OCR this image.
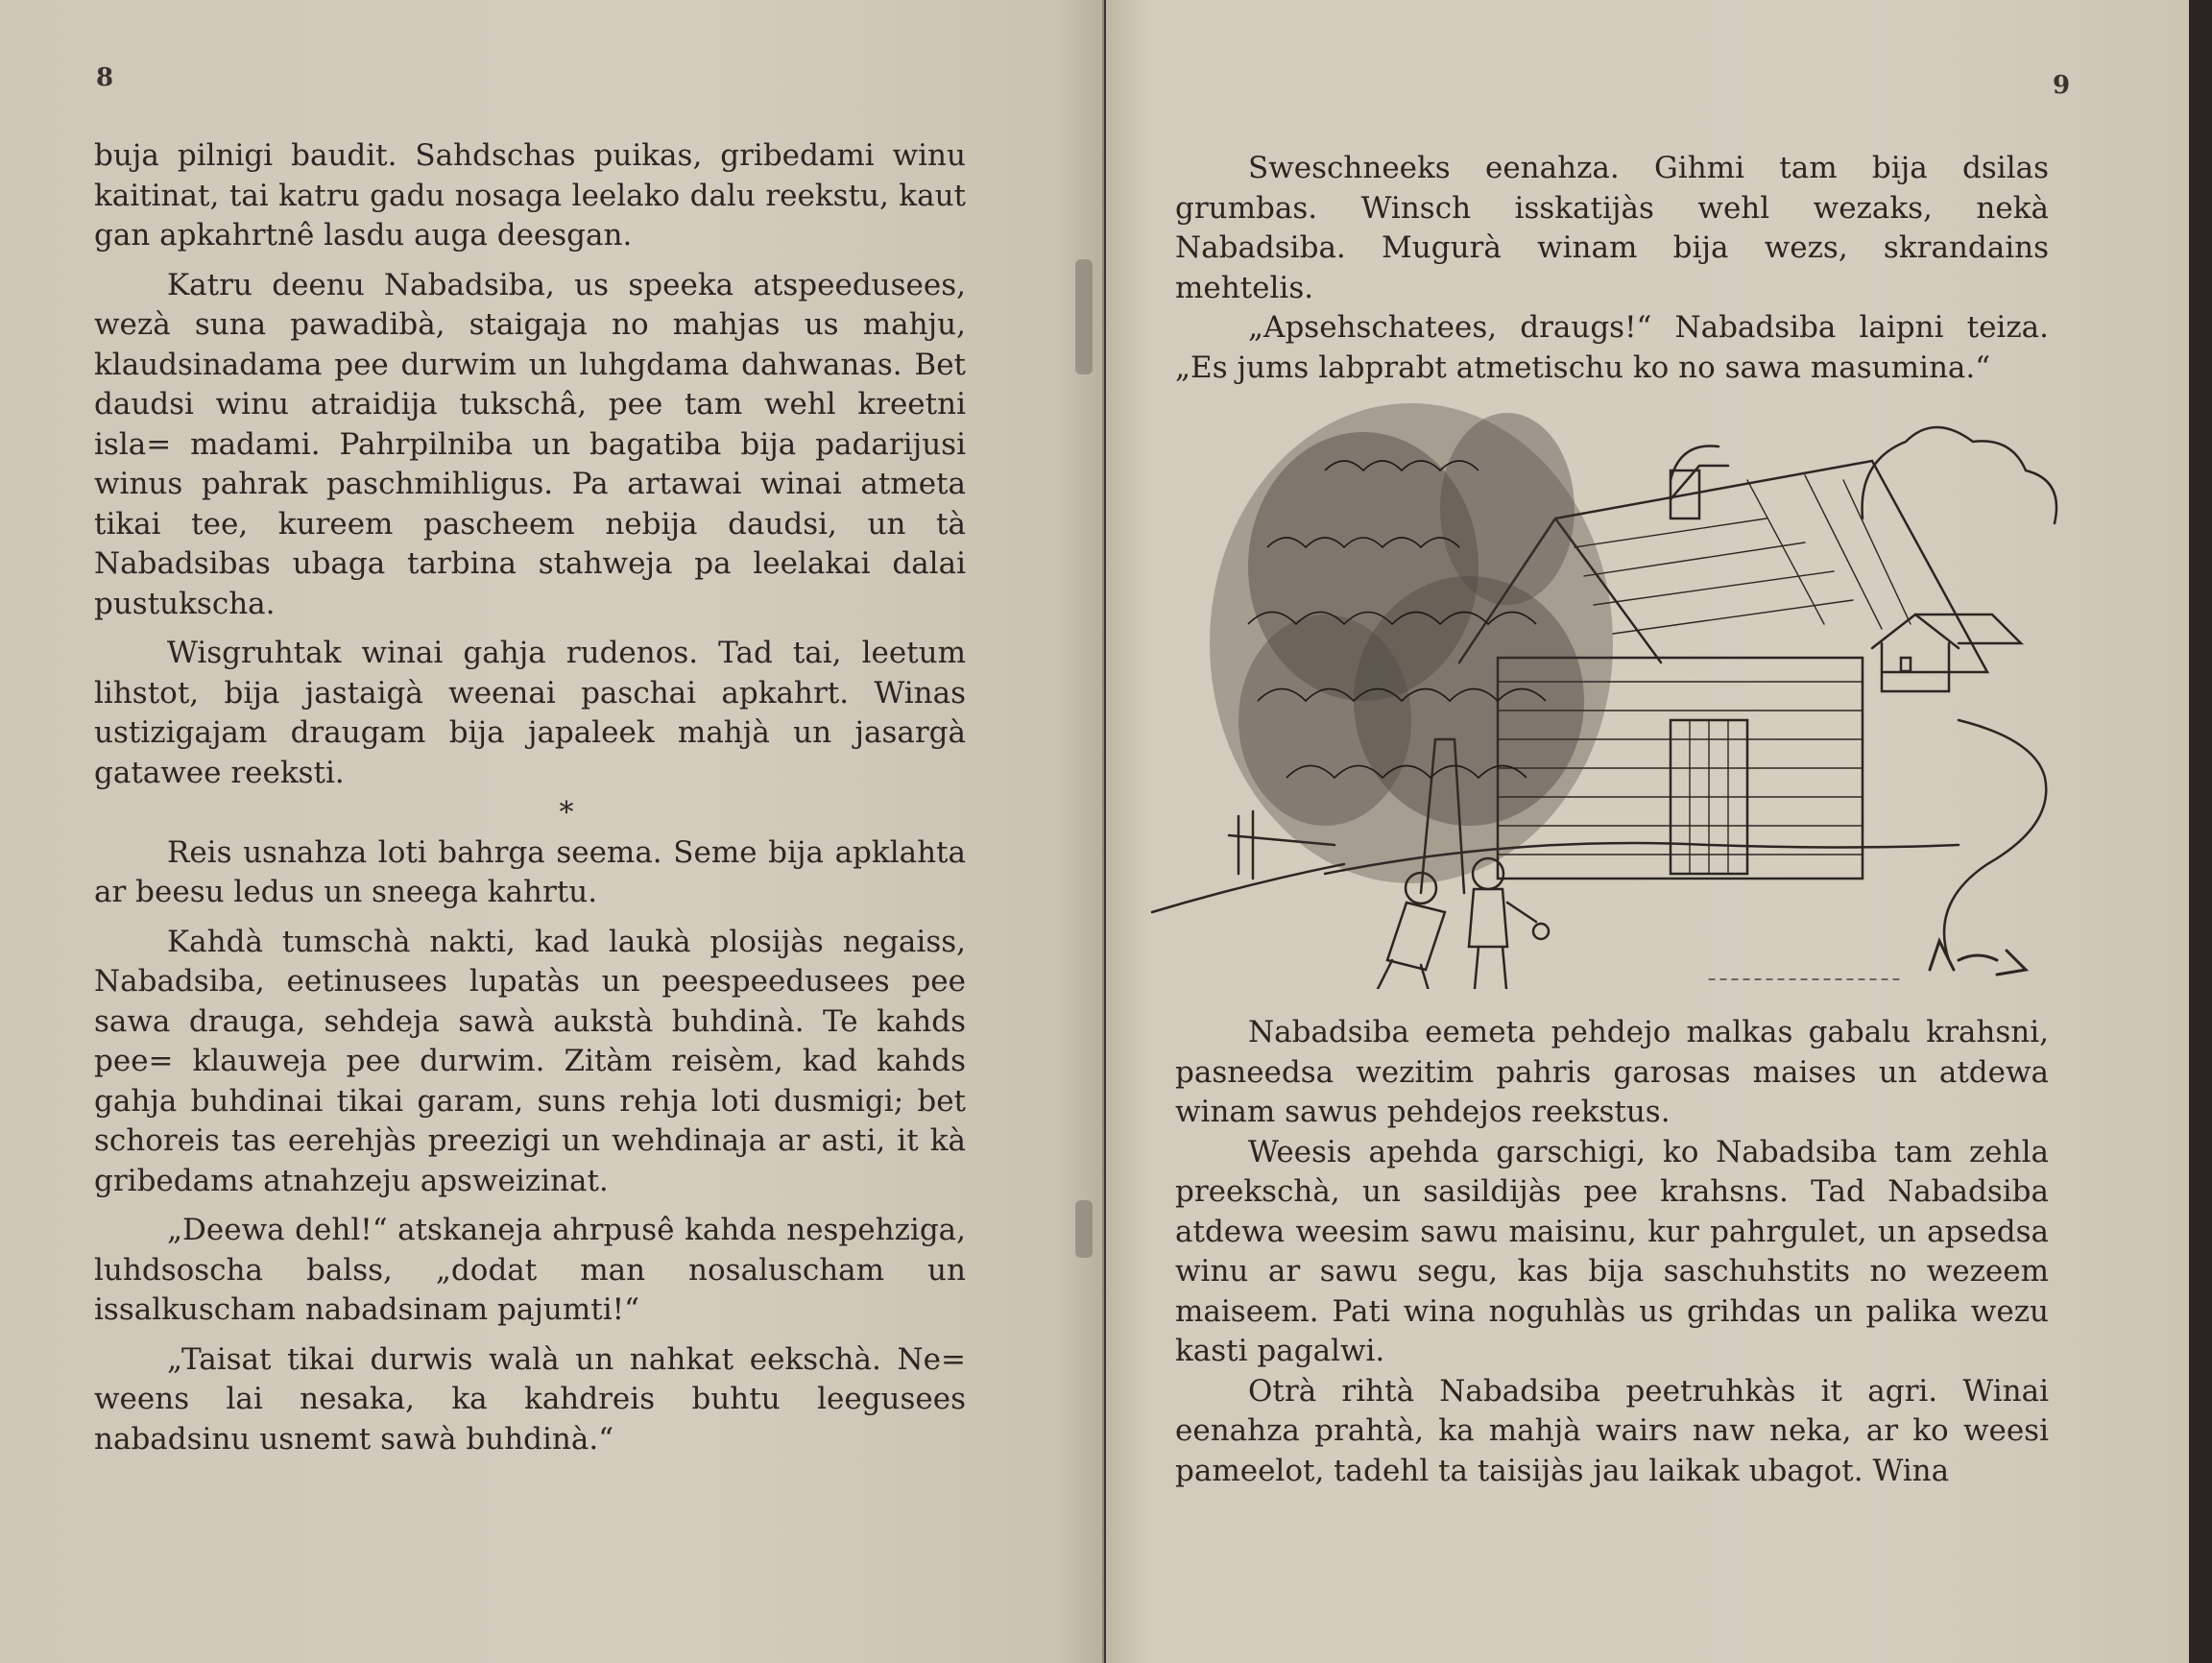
8

buja pilnigi baudit. Sahdschas puikas, gribedami winu kaitinat, tai katru gadu nosaga leelako dalu reekstu, kaut gan apkahrtnê lasdu auga deesgan.

Katru deenu Nabadsiba, us speeka atspeedusees, wezà suna pawadibà, staigaja no mahjas us mahju, klaudsinadama pee durwim un luhgdama dahwanas. Bet daudsi winu atraidija tukschâ, pee tam wehl kreetni isla= madami. Pahrpilniba un bagatiba bija padarijusi winus pahrak paschmihligus. Pa artawai winai atmeta tikai tee, kureem pascheem nebija daudsi, un tà Nabadsibas ubaga tarbina stahweja pa leelakai dalai pustukscha.

Wisgruhtak winai gahja rudenos. Tad tai, leetum lihstot, bija jastaigà weenai paschai apkahrt. Winas ustizigajam draugam bija japaleek mahjà un jasargà gatawee reeksti.

*

Reis usnahza loti bahrga seema. Seme bija apklahta ar beesu ledus un sneega kahrtu.

Kahdà tumschà nakti, kad laukà plosijàs negaiss, Nabadsiba, eetinusees lupatàs un peespeedusees pee sawa drauga, sehdeja sawà aukstà buhdinà. Te kahds pee= klauweja pee durwim. Zitàm reisèm, kad kahds gahja buhdinai tikai garam, suns rehja loti dusmigi; bet schoreis tas eerehjàs preezigi un wehdinaja ar asti, it kà gribedams atnahzeju apsweizinat.

„Deewa dehl!“ atskaneja ahrpusê kahda nespehziga, luhdsoscha balss, „dodat man nosaluscham un issalkuscham nabadsinam pajumti!“

„Taisat tikai durwis walà un nahkat eekschà. Ne= weens lai nesaka, ka kahdreis buhtu leegusees nabadsinu usnemt sawà buhdinà.“

9

Sweschneeks eenahza. Gihmi tam bija dsilas grumbas. Winsch isskatijàs wehl wezaks, nekà Nabadsiba. Mugurà winam bija wezs, skrandains mehtelis.

„Apsehschatees, draugs!“ Nabadsiba laipni teiza. „Es jums labprabt atmetischu ko no sawa masumina.“

Nabadsiba eemeta pehdejo malkas gabalu krahsni, pasneedsa wezitim pahris garosas maises un atdewa winam sawus pehdejos reekstus.

Weesis apehda garschigi, ko Nabadsiba tam zehla preekschà, un sasildijàs pee krahsns. Tad Nabadsiba atdewa weesim sawu maisinu, kur pahrgulet, un apsedsa winu ar sawu segu, kas bija saschuhstits no wezeem maiseem. Pati wina noguhlàs us grihdas un palika wezu kasti pagalwi.

Otrà rihtà Nabadsiba peetruhkàs it agri. Winai eenahza prahtà, ka mahjà wairs naw neka, ar ko weesi pameelot, tadehl ta taisijàs jau laikak ubagot. Wina
